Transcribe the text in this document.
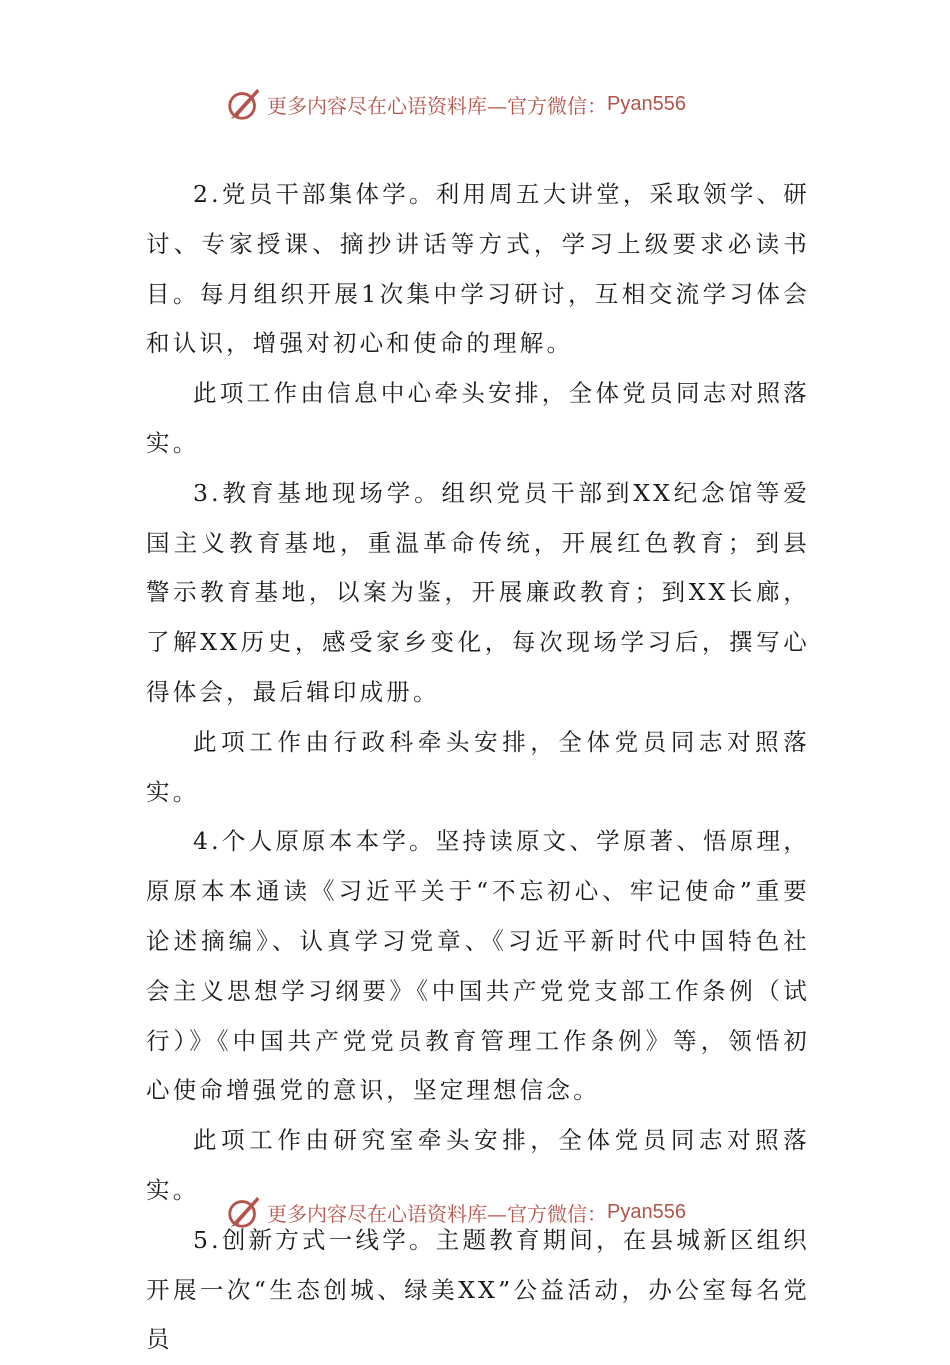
更多内容尽在心语资料库—官方微信： Pyan556

2.党员干部集体学。利用周五大讲堂，采取领学、研讨、专家授课、摘抄讲话等方式，学习上级要求必读书目。每月组织开展1次集中学习研讨，互相交流学习体会和认识，增强对初心和使命的理解。

此项工作由信息中心牵头安排，全体党员同志对照落实。

3.教育基地现场学。组织党员干部到XX纪念馆等爱国主义教育基地，重温革命传统，开展红色教育；到县警示教育基地，以案为鉴，开展廉政教育；到XX长廊，了解XX历史，感受家乡变化，每次现场学习后，撰写心得体会，最后辑印成册。

此项工作由行政科牵头安排，全体党员同志对照落实。

4.个人原原本本学。坚持读原文、学原著、悟原理，原原本本通读《习近平关于“不忘初心、牢记使命”重要论述摘编》、认真学习党章、《习近平新时代中国特色社会主义思想学习纲要》《中国共产党党支部工作条例（试行）》《中国共产党党员教育管理工作条例》等，领悟初心使命增强党的意识，坚定理想信念。

此项工作由研究室牵头安排，全体党员同志对照落实。

5.创新方式一线学。主题教育期间，在县城新区组织开展一次“生态创城、绿美XX”公益活动，办公室每名党员

更多内容尽在心语资料库—官方微信： Pyan556
